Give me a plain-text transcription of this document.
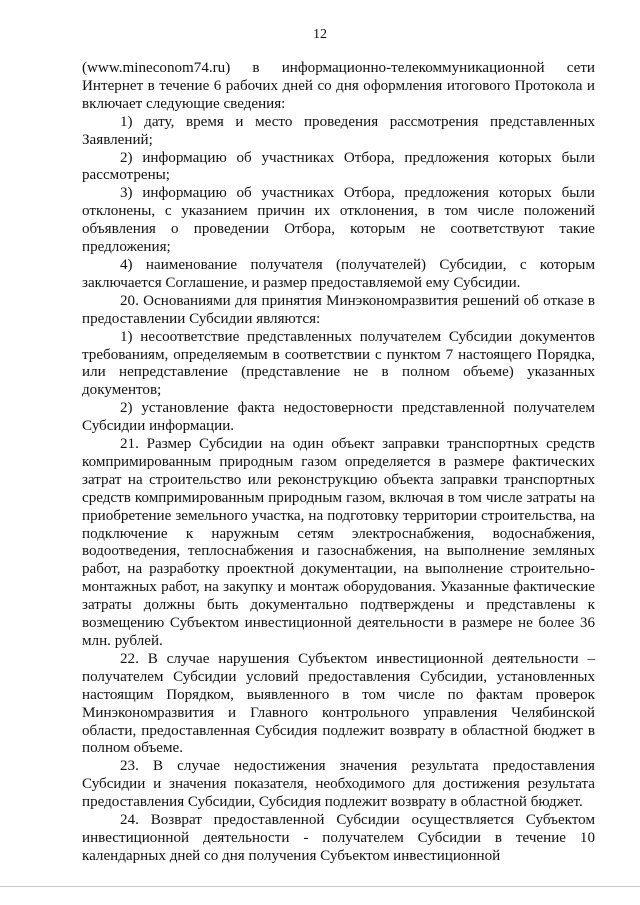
12

(www.mineconom74.ru) в информационно-телекоммуникационной сети Интернет в течение 6 рабочих дней со дня оформления итогового Протокола и включает следующие сведения:

1) дату, время и место проведения рассмотрения представленных Заявлений;

2) информацию об участниках Отбора, предложения которых были рассмотрены;

3) информацию об участниках Отбора, предложения которых были отклонены, с указанием причин их отклонения, в том числе положений объявления о проведении Отбора, которым не соответствуют такие предложения;

4) наименование получателя (получателей) Субсидии, с которым заключается Соглашение, и размер предоставляемой ему Субсидии.

20. Основаниями для принятия Минэкономразвития решений об отказе в предоставлении Субсидии являются:

1) несоответствие представленных получателем Субсидии документов требованиям, определяемым в соответствии с пунктом 7 настоящего Порядка, или непредставление (представление не в полном объеме) указанных документов;

2) установление факта недостоверности представленной получателем Субсидии информации.

21. Размер Субсидии на один объект заправки транспортных средств компримированным природным газом определяется в размере фактических затрат на строительство или реконструкцию объекта заправки транспортных средств компримированным природным газом, включая в том числе затраты на приобретение земельного участка, на подготовку территории строительства, на подключение к наружным сетям электроснабжения, водоснабжения, водоотведения, теплоснабжения и газоснабжения, на выполнение земляных работ, на разработку проектной документации, на выполнение строительно-монтажных работ, на закупку и монтаж оборудования. Указанные фактические затраты должны быть документально подтверждены и представлены к возмещению Субъектом инвестиционной деятельности в размере не более 36 млн. рублей.

22. В случае нарушения Субъектом инвестиционной деятельности – получателем Субсидии условий предоставления Субсидии, установленных настоящим Порядком, выявленного в том числе по фактам проверок Минэкономразвития и Главного контрольного управления Челябинской области, предоставленная Субсидия подлежит возврату в областной бюджет в полном объеме.

23. В случае недостижения значения результата предоставления Субсидии и значения показателя, необходимого для достижения результата предоставления Субсидии, Субсидия подлежит возврату в областной бюджет.

24. Возврат предоставленной Субсидии осуществляется Субъектом инвестиционной деятельности - получателем Субсидии в течение 10 календарных дней со дня получения Субъектом инвестиционной
